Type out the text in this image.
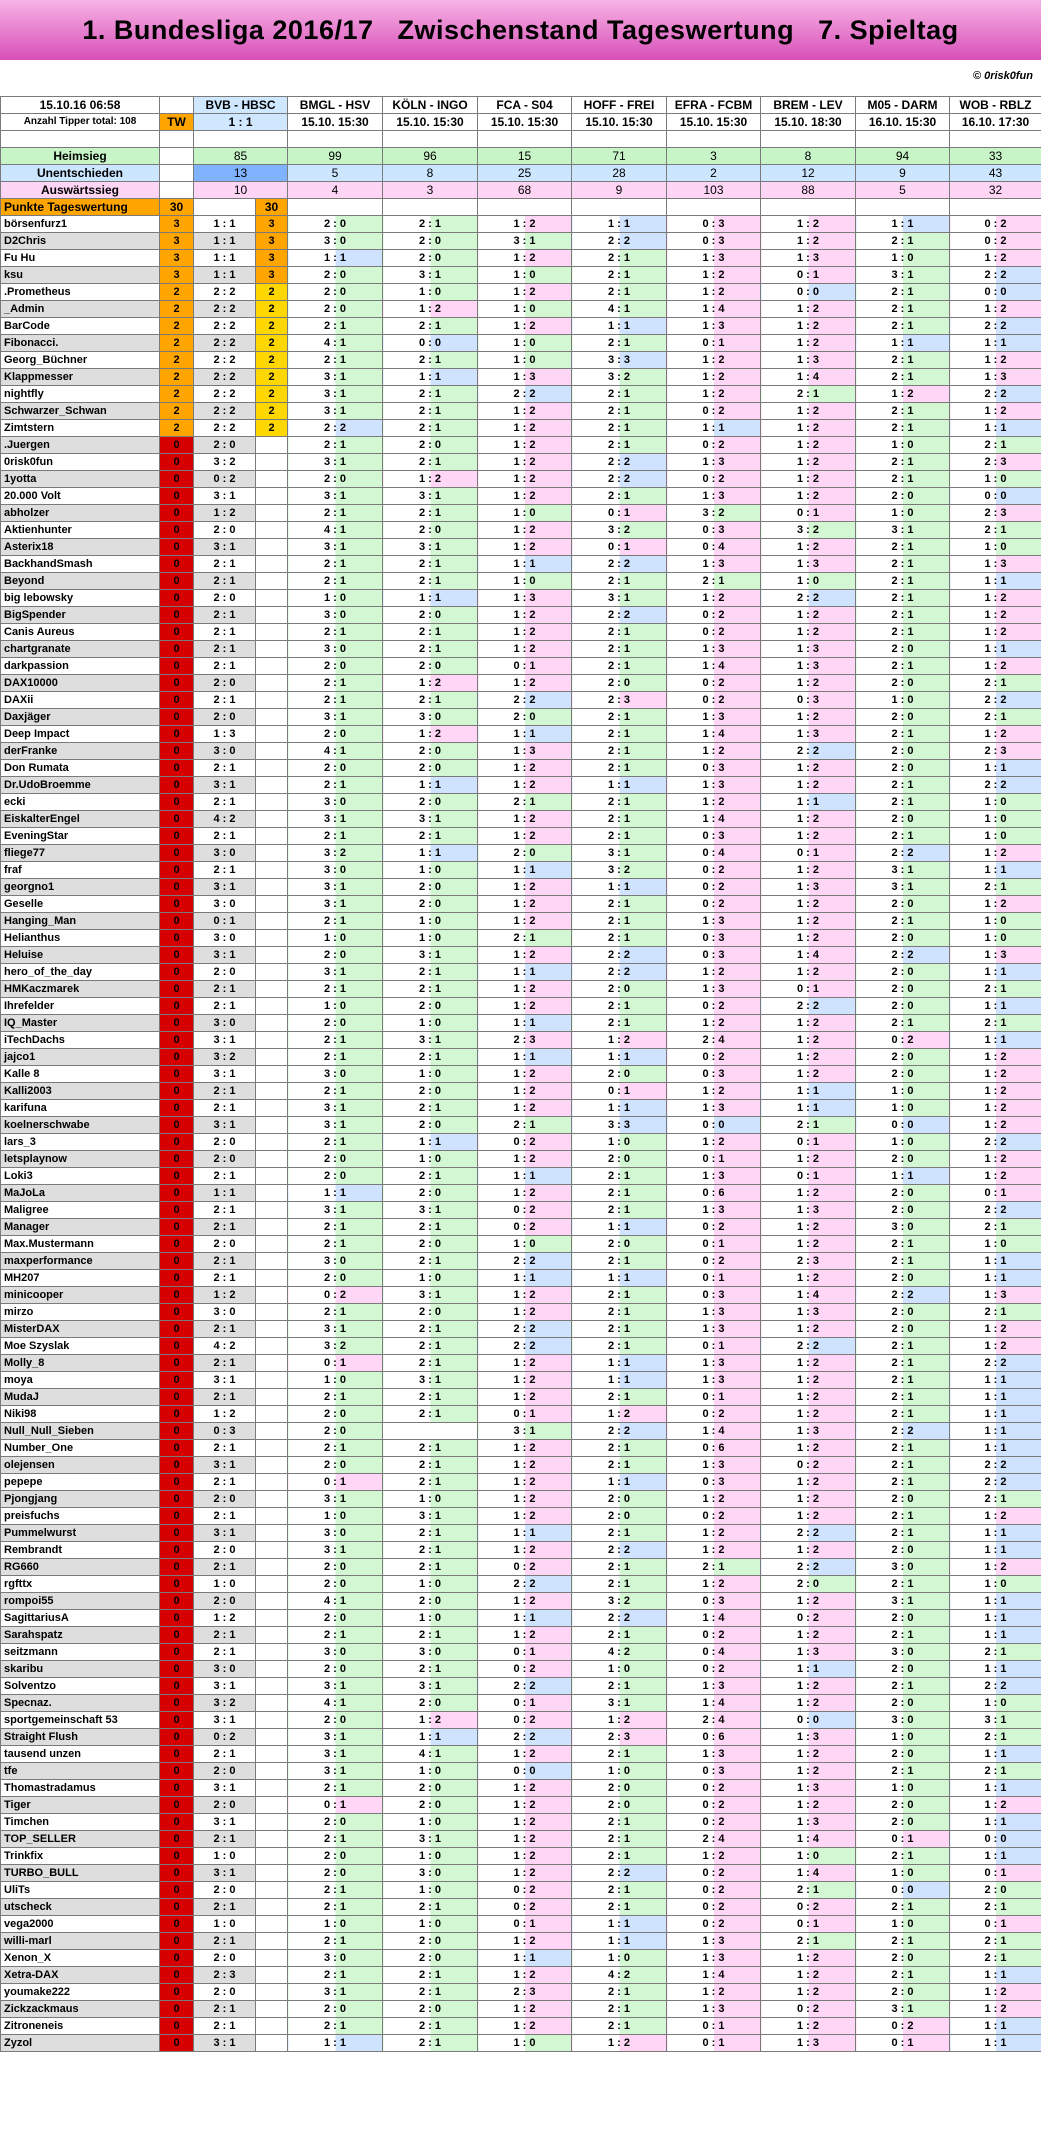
1. Bundesliga 2016/17   Zwischenstand Tageswertung   7. Spieltag
© 0risk0fun
15.10.16 06:58		BVB - HBSC		BMGL - HSV	KÖLN - INGO	FCA - S04	HOFF - FREI	EFRA - FCBM	BREM - LEV	M05 - DARM	WOB - RBLZ
Anzahl Tipper total: 108	TW	1 : 1		15.10. 15:30	15.10. 15:30	15.10. 15:30	15.10. 15:30	15.10. 15:30	15.10. 18:30	16.10. 15:30	16.10. 17:30

Heimsieg		85		99	96	15	71	3	8	94	33
Unentschieden		13		5	8	25	28	2	12	9	43
Auswärtssieg		10		4	3	68	9	103	88	5	32
Punkte Tageswertung	30		30								
börsenfurz1	3	1 : 1	3	2 : 0	2 : 1	1 : 2	1 : 1	0 : 3	1 : 2	1 : 1	0 : 2
D2Chris	3	1 : 1	3	3 : 0	2 : 0	3 : 1	2 : 2	0 : 3	1 : 2	2 : 1	0 : 2
Fu Hu	3	1 : 1	3	1 : 1	2 : 0	1 : 2	2 : 1	1 : 3	1 : 3	1 : 0	1 : 2
ksu	3	1 : 1	3	2 : 0	3 : 1	1 : 0	2 : 1	1 : 2	0 : 1	3 : 1	2 : 2
.Prometheus	2	2 : 2	2	2 : 0	1 : 0	1 : 2	2 : 1	1 : 2	0 : 0	2 : 1	0 : 0
_Admin	2	2 : 2	2	2 : 0	1 : 2	1 : 0	4 : 1	1 : 4	1 : 2	2 : 1	1 : 2
BarCode	2	2 : 2	2	2 : 1	2 : 1	1 : 2	1 : 1	1 : 3	1 : 2	2 : 1	2 : 2
Fibonacci.	2	2 : 2	2	4 : 1	0 : 0	1 : 0	2 : 1	0 : 1	1 : 2	1 : 1	1 : 1
Georg_Büchner	2	2 : 2	2	2 : 1	2 : 1	1 : 0	3 : 3	1 : 2	1 : 3	2 : 1	1 : 2
Klappmesser	2	2 : 2	2	3 : 1	1 : 1	1 : 3	3 : 2	1 : 2	1 : 4	2 : 1	1 : 3
nightfly	2	2 : 2	2	3 : 1	2 : 1	2 : 2	2 : 1	1 : 2	2 : 1	1 : 2	2 : 2
Schwarzer_Schwan	2	2 : 2	2	3 : 1	2 : 1	1 : 2	2 : 1	0 : 2	1 : 2	2 : 1	1 : 2
Zimtstern	2	2 : 2	2	2 : 2	2 : 1	1 : 2	2 : 1	1 : 1	1 : 2	2 : 1	1 : 1
.Juergen	0	2 : 0		2 : 1	2 : 0	1 : 2	2 : 1	0 : 2	1 : 2	1 : 0	2 : 1
0risk0fun	0	3 : 2		3 : 1	2 : 1	1 : 2	2 : 2	1 : 3	1 : 2	2 : 1	2 : 3
1yotta	0	0 : 2		2 : 0	1 : 2	1 : 2	2 : 2	0 : 2	1 : 2	2 : 1	1 : 0
20.000 Volt	0	3 : 1		3 : 1	3 : 1	1 : 2	2 : 1	1 : 3	1 : 2	2 : 0	0 : 0
abholzer	0	1 : 2		2 : 1	2 : 1	1 : 0	0 : 1	3 : 2	0 : 1	1 : 0	2 : 3
Aktienhunter	0	2 : 0		4 : 1	2 : 0	1 : 2	3 : 2	0 : 3	3 : 2	3 : 1	2 : 1
Asterix18	0	3 : 1		3 : 1	3 : 1	1 : 2	0 : 1	0 : 4	1 : 2	2 : 1	1 : 0
BackhandSmash	0	2 : 1		2 : 1	2 : 1	1 : 1	2 : 2	1 : 3	1 : 3	2 : 1	1 : 3
Beyond	0	2 : 1		2 : 1	2 : 1	1 : 0	2 : 1	2 : 1	1 : 0	2 : 1	1 : 1
big lebowsky	0	2 : 0		1 : 0	1 : 1	1 : 3	3 : 1	1 : 2	2 : 2	2 : 1	1 : 2
BigSpender	0	2 : 1		3 : 0	2 : 0	1 : 2	2 : 2	0 : 2	1 : 2	2 : 1	1 : 2
Canis Aureus	0	2 : 1		2 : 1	2 : 1	1 : 2	2 : 1	0 : 2	1 : 2	2 : 1	1 : 2
chartgranate	0	2 : 1		3 : 0	2 : 1	1 : 2	2 : 1	1 : 3	1 : 3	2 : 0	1 : 1
darkpassion	0	2 : 1		2 : 0	2 : 0	0 : 1	2 : 1	1 : 4	1 : 3	2 : 1	1 : 2
DAX10000	0	2 : 0		2 : 1	1 : 2	1 : 2	2 : 0	0 : 2	1 : 2	2 : 0	2 : 1
DAXii	0	2 : 1		2 : 1	2 : 1	2 : 2	2 : 3	0 : 2	0 : 3	1 : 0	2 : 2
Daxjäger	0	2 : 0		3 : 1	3 : 0	2 : 0	2 : 1	1 : 3	1 : 2	2 : 0	2 : 1
Deep Impact	0	1 : 3		2 : 0	1 : 2	1 : 1	2 : 1	1 : 4	1 : 3	2 : 1	1 : 2
derFranke	0	3 : 0		4 : 1	2 : 0	1 : 3	2 : 1	1 : 2	2 : 2	2 : 0	2 : 3
Don Rumata	0	2 : 1		2 : 0	2 : 0	1 : 2	2 : 1	0 : 3	1 : 2	2 : 0	1 : 1
Dr.UdoBroemme	0	3 : 1		2 : 1	1 : 1	1 : 2	1 : 1	1 : 3	1 : 2	2 : 1	2 : 2
ecki	0	2 : 1		3 : 0	2 : 0	2 : 1	2 : 1	1 : 2	1 : 1	2 : 1	1 : 0
EiskalterEngel	0	4 : 2		3 : 1	3 : 1	1 : 2	2 : 1	1 : 4	1 : 2	2 : 0	1 : 0
EveningStar	0	2 : 1		2 : 1	2 : 1	1 : 2	2 : 1	0 : 3	1 : 2	2 : 1	1 : 0
fliege77	0	3 : 0		3 : 2	1 : 1	2 : 0	3 : 1	0 : 4	0 : 1	2 : 2	1 : 2
fraf	0	2 : 1		3 : 0	1 : 0	1 : 1	3 : 2	0 : 2	1 : 2	3 : 1	1 : 1
georgno1	0	3 : 1		3 : 1	2 : 0	1 : 2	1 : 1	0 : 2	1 : 3	3 : 1	2 : 1
Geselle	0	3 : 0		3 : 1	2 : 0	1 : 2	2 : 1	0 : 2	1 : 2	2 : 0	1 : 2
Hanging_Man	0	0 : 1		2 : 1	1 : 0	1 : 2	2 : 1	1 : 3	1 : 2	2 : 1	1 : 0
Helianthus	0	3 : 0		1 : 0	1 : 0	2 : 1	2 : 1	0 : 3	1 : 2	2 : 0	1 : 0
Heluise	0	3 : 1		2 : 0	3 : 1	1 : 2	2 : 2	0 : 3	1 : 4	2 : 2	1 : 3
hero_of_the_day	0	2 : 0		3 : 1	2 : 1	1 : 1	2 : 2	1 : 2	1 : 2	2 : 0	1 : 1
HMKaczmarek	0	2 : 1		2 : 1	2 : 1	1 : 2	2 : 0	1 : 3	0 : 1	2 : 0	2 : 1
Ihrefelder	0	2 : 1		1 : 0	2 : 0	1 : 2	2 : 1	0 : 2	2 : 2	2 : 0	1 : 1
IQ_Master	0	3 : 0		2 : 0	1 : 0	1 : 1	2 : 1	1 : 2	1 : 2	2 : 1	2 : 1
iTechDachs	0	3 : 1		2 : 1	3 : 1	2 : 3	1 : 2	2 : 4	1 : 2	0 : 2	1 : 1
jajco1	0	3 : 2		2 : 1	2 : 1	1 : 1	1 : 1	0 : 2	1 : 2	2 : 0	1 : 2
Kalle 8	0	3 : 1		3 : 0	1 : 0	1 : 2	2 : 0	0 : 3	1 : 2	2 : 0	1 : 2
Kalli2003	0	2 : 1		2 : 1	2 : 0	1 : 2	0 : 1	1 : 2	1 : 1	1 : 0	1 : 2
karifuna	0	2 : 1		3 : 1	2 : 1	1 : 2	1 : 1	1 : 3	1 : 1	1 : 0	1 : 2
koelnerschwabe	0	3 : 1		3 : 1	2 : 0	2 : 1	3 : 3	0 : 0	2 : 1	0 : 0	1 : 2
lars_3	0	2 : 0		2 : 1	1 : 1	0 : 2	1 : 0	1 : 2	0 : 1	1 : 0	2 : 2
letsplaynow	0	2 : 0		2 : 0	1 : 0	1 : 2	2 : 0	0 : 1	1 : 2	2 : 0	1 : 2
Loki3	0	2 : 1		2 : 0	2 : 1	1 : 1	2 : 1	1 : 3	0 : 1	1 : 1	1 : 2
MaJoLa	0	1 : 1		1 : 1	2 : 0	1 : 2	2 : 1	0 : 6	1 : 2	2 : 0	0 : 1
Maligree	0	2 : 1		3 : 1	3 : 1	0 : 2	2 : 1	1 : 3	1 : 3	2 : 0	2 : 2
Manager	0	2 : 1		2 : 1	2 : 1	0 : 2	1 : 1	0 : 2	1 : 2	3 : 0	2 : 1
Max.Mustermann	0	2 : 0		2 : 1	2 : 0	1 : 0	2 : 0	0 : 1	1 : 2	2 : 1	1 : 0
maxperformance	0	2 : 1		3 : 0	2 : 1	2 : 2	2 : 1	0 : 2	2 : 3	2 : 1	1 : 1
MH207	0	2 : 1		2 : 0	1 : 0	1 : 1	1 : 1	0 : 1	1 : 2	2 : 0	1 : 1
minicooper	0	1 : 2		0 : 2	3 : 1	1 : 2	2 : 1	0 : 3	1 : 4	2 : 2	1 : 3
mirzo	0	3 : 0		2 : 1	2 : 0	1 : 2	2 : 1	1 : 3	1 : 3	2 : 0	2 : 1
MisterDAX	0	2 : 1		3 : 1	2 : 1	2 : 2	2 : 1	1 : 3	1 : 2	2 : 0	1 : 2
Moe Szyslak	0	4 : 2		3 : 2	2 : 1	2 : 2	2 : 1	0 : 1	2 : 2	2 : 1	1 : 2
Molly_8	0	2 : 1		0 : 1	2 : 1	1 : 2	1 : 1	1 : 3	1 : 2	2 : 1	2 : 2
moya	0	3 : 1		1 : 0	3 : 1	1 : 2	1 : 1	1 : 3	1 : 2	2 : 1	1 : 1
MudaJ	0	2 : 1		2 : 1	2 : 1	1 : 2	2 : 1	0 : 1	1 : 2	2 : 1	1 : 1
Niki98	0	1 : 2		2 : 0	2 : 1	0 : 1	1 : 2	0 : 2	1 : 2	2 : 1	1 : 1
Null_Null_Sieben	0	0 : 3		2 : 0		3 : 1	2 : 2	1 : 4	1 : 3	2 : 2	1 : 1
Number_One	0	2 : 1		2 : 1	2 : 1	1 : 2	2 : 1	0 : 6	1 : 2	2 : 1	1 : 1
olejensen	0	3 : 1		2 : 0	2 : 1	1 : 2	2 : 1	1 : 3	0 : 2	2 : 1	2 : 2
pepepe	0	2 : 1		0 : 1	2 : 1	1 : 2	1 : 1	0 : 3	1 : 2	2 : 1	2 : 2
Pjongjang	0	2 : 0		3 : 1	1 : 0	1 : 2	2 : 0	1 : 2	1 : 2	2 : 0	2 : 1
preisfuchs	0	2 : 1		1 : 0	3 : 1	1 : 2	2 : 0	0 : 2	1 : 2	2 : 1	1 : 2
Pummelwurst	0	3 : 1		3 : 0	2 : 1	1 : 1	2 : 1	1 : 2	2 : 2	2 : 1	1 : 1
Rembrandt	0	2 : 0		3 : 1	2 : 1	1 : 2	2 : 2	1 : 2	1 : 2	2 : 0	1 : 1
RG660	0	2 : 1		2 : 0	2 : 1	0 : 2	2 : 1	2 : 1	2 : 2	3 : 0	1 : 2
rgfttx	0	1 : 0		2 : 0	1 : 0	2 : 2	2 : 1	1 : 2	2 : 0	2 : 1	1 : 0
rompoi55	0	2 : 0		4 : 1	2 : 0	1 : 2	3 : 2	0 : 3	1 : 2	3 : 1	1 : 1
SagittariusA	0	1 : 2		2 : 0	1 : 0	1 : 1	2 : 2	1 : 4	0 : 2	2 : 0	1 : 1
Sarahspatz	0	2 : 1		2 : 1	2 : 1	1 : 2	2 : 1	0 : 2	1 : 2	2 : 1	1 : 1
seitzmann	0	2 : 1		3 : 0	3 : 0	0 : 1	4 : 2	0 : 4	1 : 3	3 : 0	2 : 1
skaribu	0	3 : 0		2 : 0	2 : 1	0 : 2	1 : 0	0 : 2	1 : 1	2 : 0	1 : 1
Solventzo	0	3 : 1		3 : 1	3 : 1	2 : 2	2 : 1	1 : 3	1 : 2	2 : 1	2 : 2
Specnaz.	0	3 : 2		4 : 1	2 : 0	0 : 1	3 : 1	1 : 4	1 : 2	2 : 0	1 : 0
sportgemeinschaft 53	0	3 : 1		2 : 0	1 : 2	0 : 2	1 : 2	2 : 4	0 : 0	3 : 0	3 : 1
Straight Flush	0	0 : 2		3 : 1	1 : 1	2 : 2	2 : 3	0 : 6	1 : 3	1 : 0	2 : 1
tausend unzen	0	2 : 1		3 : 1	4 : 1	1 : 2	2 : 1	1 : 3	1 : 2	2 : 0	1 : 1
tfe	0	2 : 0		3 : 1	1 : 0	0 : 0	1 : 0	0 : 3	1 : 2	2 : 1	2 : 1
Thomastradamus	0	3 : 1		2 : 1	2 : 0	1 : 2	2 : 0	0 : 2	1 : 3	1 : 0	1 : 1
Tiger	0	2 : 0		0 : 1	2 : 0	1 : 2	2 : 0	0 : 2	1 : 2	2 : 0	1 : 2
Timchen	0	3 : 1		2 : 0	1 : 0	1 : 2	2 : 1	0 : 2	1 : 3	2 : 0	1 : 1
TOP_SELLER	0	2 : 1		2 : 1	3 : 1	1 : 2	2 : 1	2 : 4	1 : 4	0 : 1	0 : 0
Trinkfix	0	1 : 0		2 : 0	1 : 0	1 : 2	2 : 1	1 : 2	1 : 0	2 : 1	1 : 1
TURBO_BULL	0	3 : 1		2 : 0	3 : 0	1 : 2	2 : 2	0 : 2	1 : 4	1 : 0	0 : 1
UliTs	0	2 : 0		2 : 1	1 : 0	0 : 2	2 : 1	0 : 2	2 : 1	0 : 0	2 : 0
utscheck	0	2 : 1		2 : 1	2 : 1	0 : 2	2 : 1	0 : 2	0 : 2	2 : 1	2 : 1
vega2000	0	1 : 0		1 : 0	1 : 0	0 : 1	1 : 1	0 : 2	0 : 1	1 : 0	0 : 1
willi-marl	0	2 : 1		2 : 1	2 : 0	1 : 2	1 : 1	1 : 3	2 : 1	2 : 1	2 : 1
Xenon_X	0	2 : 0		3 : 0	2 : 0	1 : 1	1 : 0	1 : 3	1 : 2	2 : 0	2 : 1
Xetra-DAX	0	2 : 3		2 : 1	2 : 1	1 : 2	4 : 2	1 : 4	1 : 2	2 : 1	1 : 1
youmake222	0	2 : 0		3 : 1	2 : 1	2 : 3	2 : 1	1 : 2	1 : 2	2 : 0	1 : 2
Zickzackmaus	0	2 : 1		2 : 0	2 : 0	1 : 2	2 : 1	1 : 3	0 : 2	3 : 1	1 : 2
Zitroneneis	0	2 : 1		2 : 1	2 : 1	1 : 2	2 : 1	0 : 1	1 : 2	0 : 2	1 : 1
Zyzol	0	3 : 1		1 : 1	2 : 1	1 : 0	1 : 2	0 : 1	1 : 3	0 : 1	1 : 1
